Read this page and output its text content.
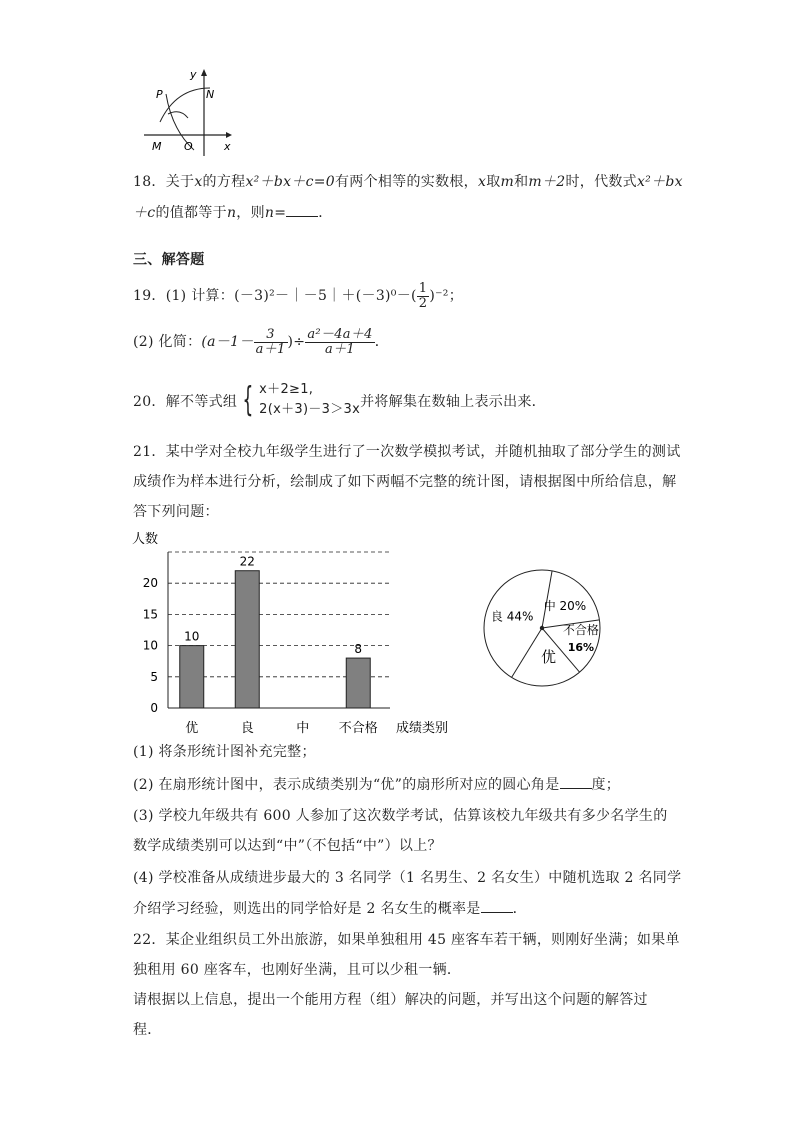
y
x
P	N
M O
18．关于x的方程x²＋bx＋c=0有两个相等的实数根，x取m和m＋2时，代数式x²＋bx
＋c的值都等于n，则n= ．
三、解答题
19．(1) 计算：(－3)²－｜－5｜＋(－3)⁰－( $\frac{1}{2} )^{-2}$；
(2) 化简：($a-1- \frac{3}{a+1}$ )÷ $\frac{\text{a²－4a＋4}}{a+1}$ ．
20．解不等式组 { x＋2≥1,
2(x＋3)－3＞3x 并将解集在数轴上表示出来．
21．某中学对全校九年级学生进行了一次数学模拟考试，并随机抽取了部分学生的测试
成绩作为样本进行分析，绘制成了如下两幅不完整的统计图，请根据图中所给信息，解
答下列问题：
人数
成绩类别
0
5
10
15
20
10
优
22
良	中
8
不合格
不合格
16%
优
良 44%
中 20%
(1) 将条形统计图补充完整；
(2) 在扇形统计图中，表示成绩类别为“优”的扇形所对应的圆心角是 度；
(3) 学校九年级共有 600 人参加了这次数学考试，估算该校九年级共有多少名学生的
数学成绩类别可以达到“中”（不包括“中”）以上？
(4) 学校准备从成绩进步最大的 3 名同学（1 名男生、2 名女生）中随机选取 2 名同学
介绍学习经验，则选出的同学恰好是 2 名女生的概率是 ．
22．某企业组织员工外出旅游，如果单独租用 45 座客车若干辆，则刚好坐满；如果单
独租用 60 座客车，也刚好坐满，且可以少租一辆．
请根据以上信息，提出一个能用方程（组）解决的问题，并写出这个问题的解答过
程．
